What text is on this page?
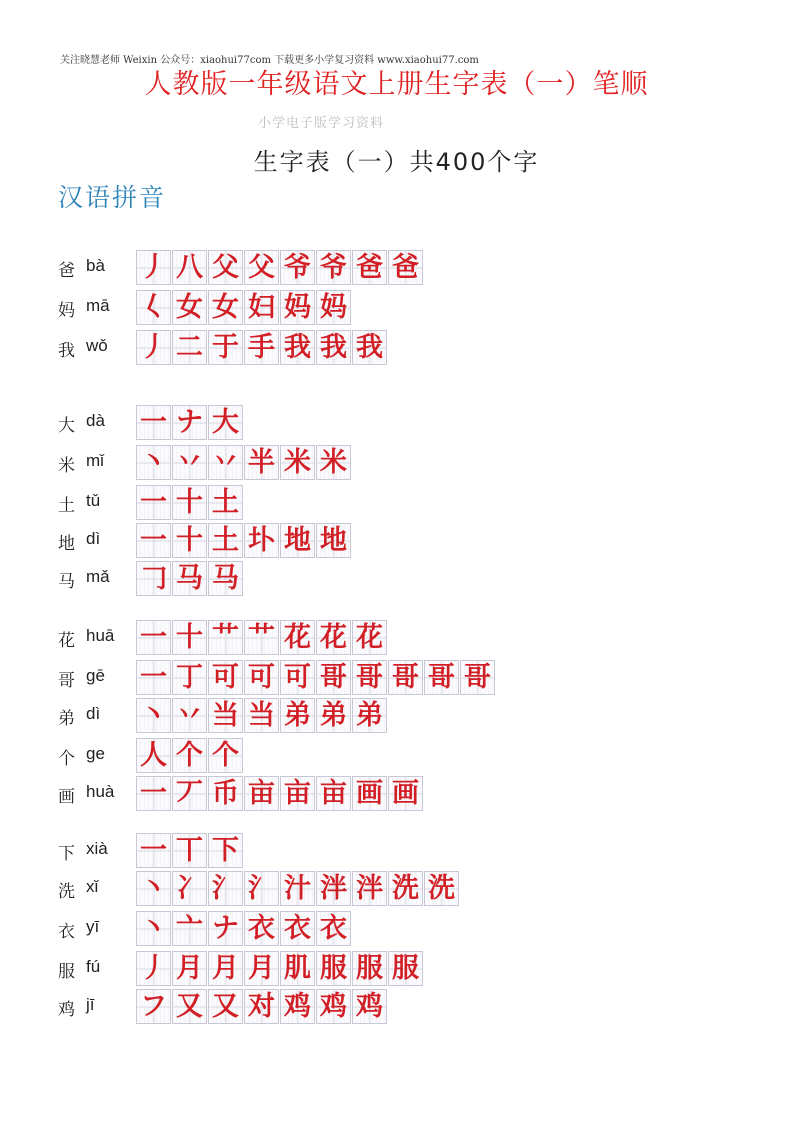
关注晓慧老师 Weixin 公众号：xiaohui77com 下载更多小学复习资料 www.xiaohui77.com
人教版一年级语文上册生字表（一）笔顺
小学电子版学习资料
生字表（一）共400个字
汉语拼音
爸 bà 丿 八 父 父 爷 爷 爸 爸
妈 mā 𡿨 女 女 妇 妈 妈
我 wǒ 丿 二 于 手 我 我 我
大 dà 一 ナ 大
米 mǐ 丶 丷 丷 半 米 米
土 tǔ 一 十 土
地 dì 一 十 土 圤 地 地
马 mǎ 𠃌 马 马
花 huā 一 十 艹 艹 花 花 花
哥 gē 一 丁 可 可 可 哥 哥 哥 哥 哥
弟 dì 丶 丷 当 当 弟 弟 弟
个 ge 人 个 个
画 huà 一 丆 币 亩 亩 亩 画 画
下 xià 一 丅 下
洗 xǐ 丶 冫 氵 氵 汁 泮 泮 洗 洗
衣 yī 丶 亠 ナ 衣 衣 衣
服 fú 丿 月 月 月 肌 服 服 服
鸡 jī フ 又 又 对 鸡 鸡 鸡
